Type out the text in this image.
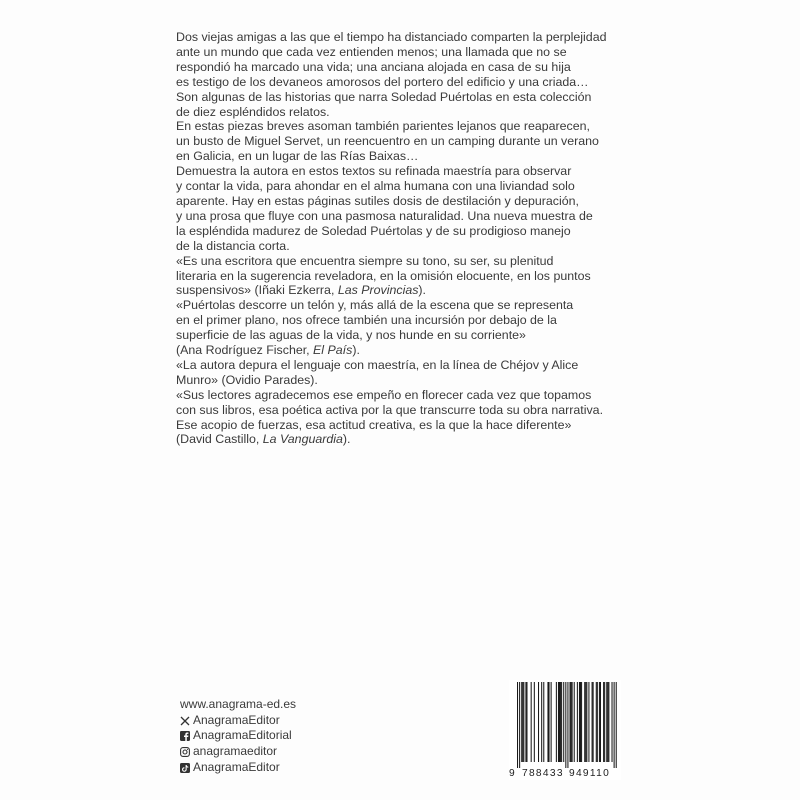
Dos viejas amigas a las que el tiempo ha distanciado comparten la perplejidad
ante un mundo que cada vez entienden menos; una llamada que no se
respondió ha marcado una vida; una anciana alojada en casa de su hija
es testigo de los devaneos amorosos del portero del edificio y una criada…
Son algunas de las historias que narra Soledad Puértolas en esta colección
de diez espléndidos relatos.

En estas piezas breves asoman también parientes lejanos que reaparecen,
un busto de Miguel Servet, un reencuentro en un camping durante un verano
en Galicia, en un lugar de las Rías Baixas…

Demuestra la autora en estos textos su refinada maestría para observar
y contar la vida, para ahondar en el alma humana con una liviandad solo
aparente. Hay en estas páginas sutiles dosis de destilación y depuración,
y una prosa que fluye con una pasmosa naturalidad. Una nueva muestra de
la espléndida madurez de Soledad Puértolas y de su prodigioso manejo
de la distancia corta.

«Es una escritora que encuentra siempre su tono, su ser, su plenitud
literaria en la sugerencia reveladora, en la omisión elocuente, en los puntos
suspensivos» (Iñaki Ezkerra, Las Provincias).

«Puértolas descorre un telón y, más allá de la escena que se representa
en el primer plano, nos ofrece también una incursión por debajo de la
superficie de las aguas de la vida, y nos hunde en su corriente»
(Ana Rodríguez Fischer, El País).

«La autora depura el lenguaje con maestría, en la línea de Chéjov y Alice
Munro» (Ovidio Parades).

«Sus lectores agradecemos ese empeño en florecer cada vez que topamos
con sus libros, esa poética activa por la que transcurre toda su obra narrativa.
Ese acopio de fuerzas, esa actitud creativa, es la que la hace diferente»
(David Castillo, La Vanguardia).

www.anagrama-ed.es
AnagramaEditor
AnagramaEditorial
anagramaeditor
AnagramaEditor	9 788433 949110
